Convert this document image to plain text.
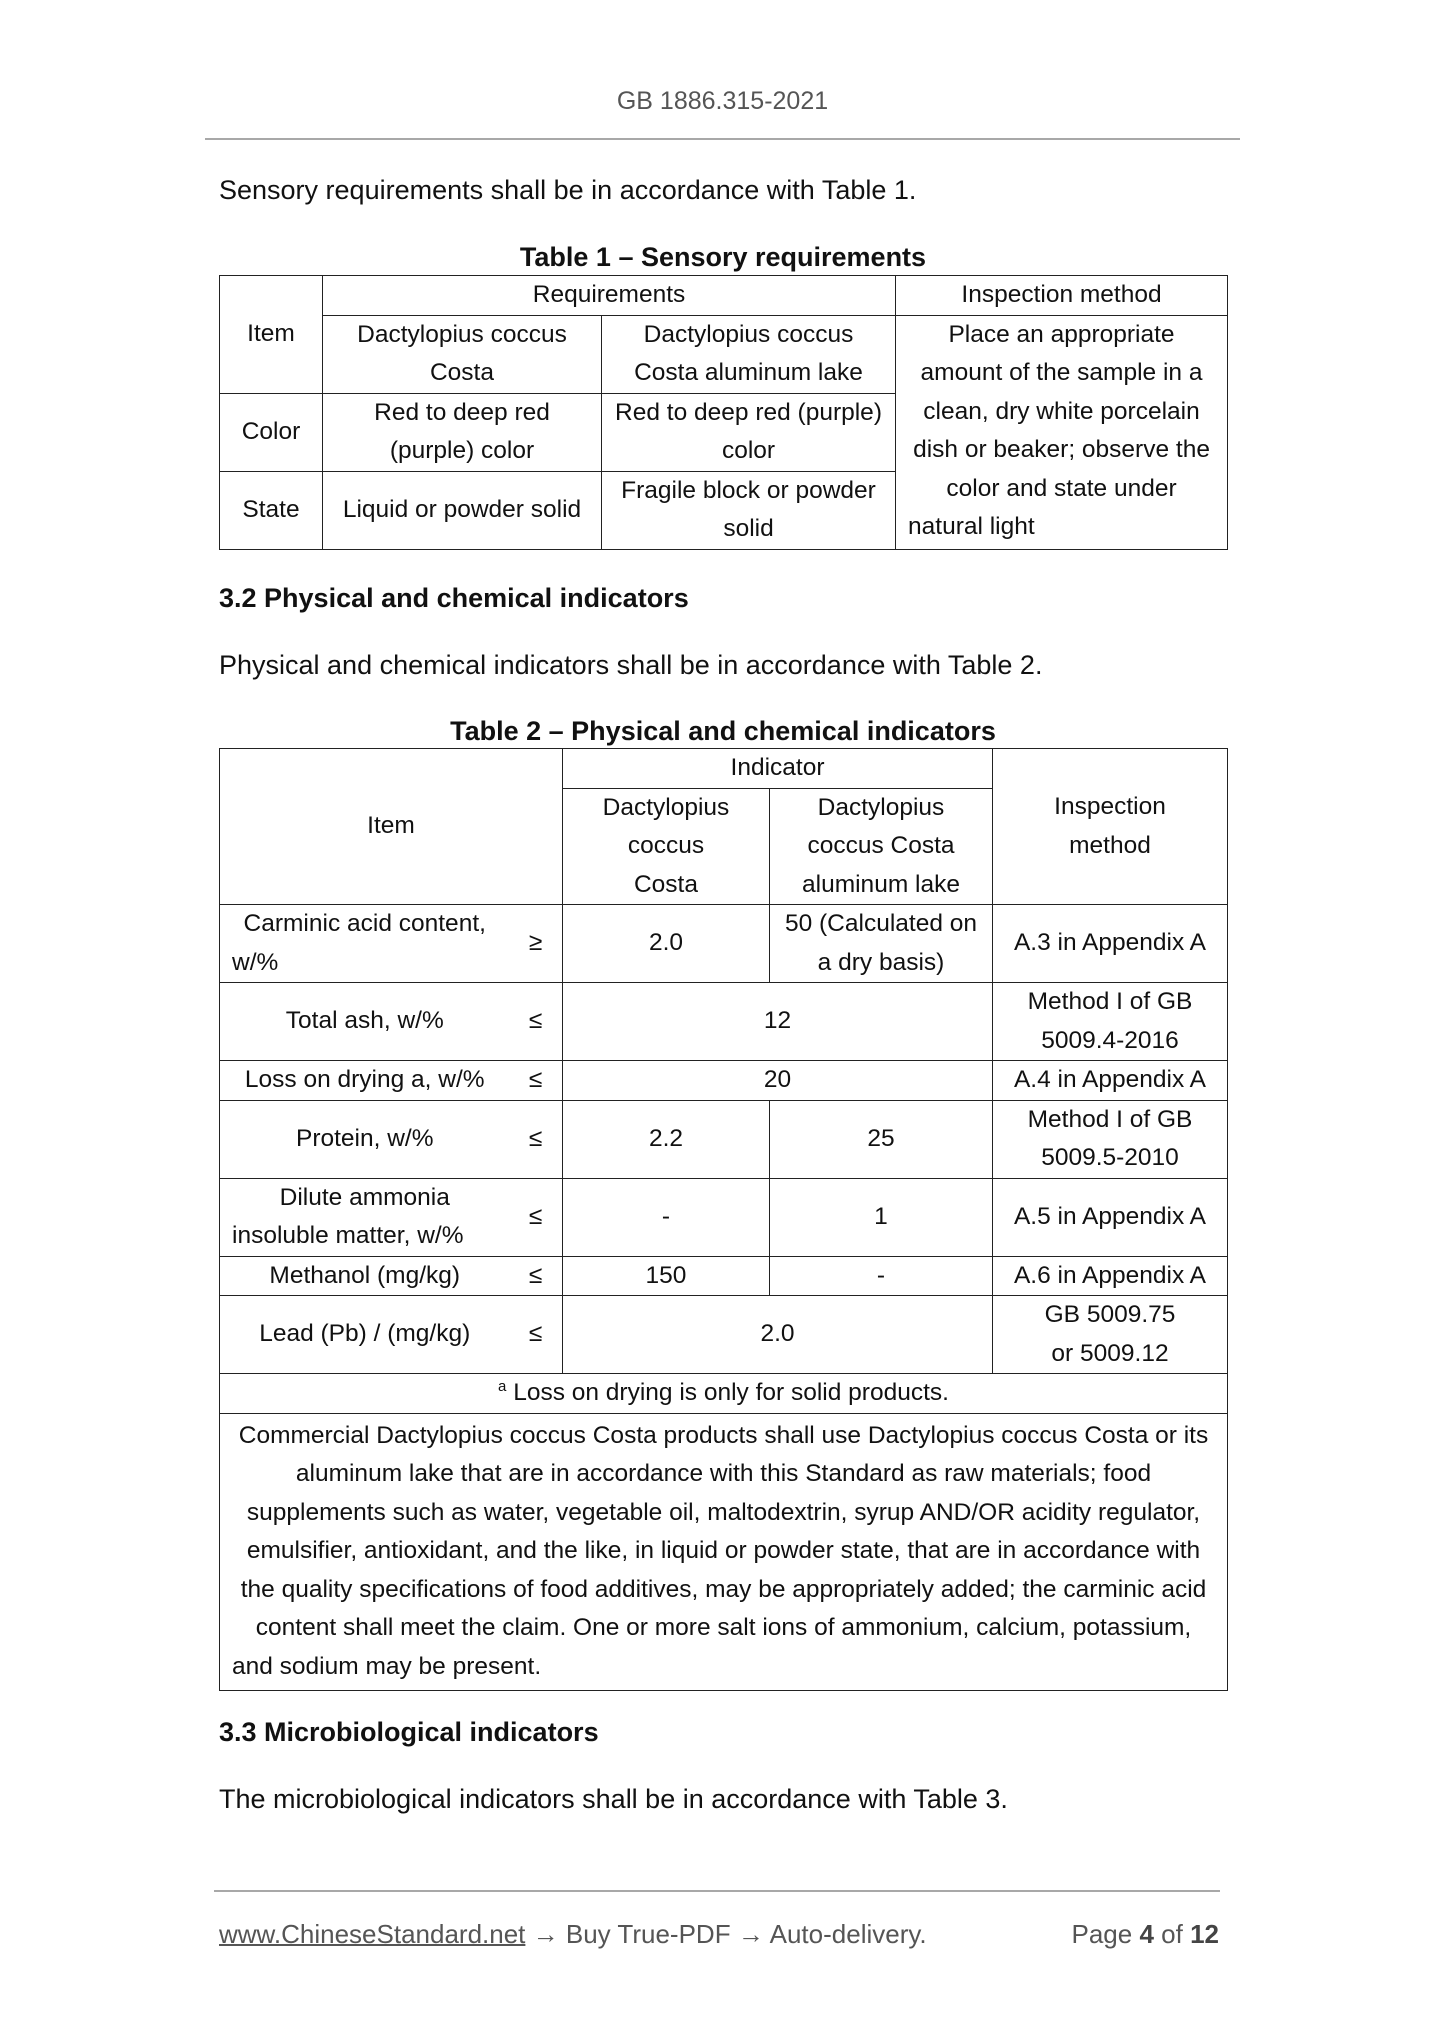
GB 1886.315-2021
Sensory requirements shall be in accordance with Table 1.
Table 1 – Sensory requirements
Item	Requirements		Inspection method
	Dactylopius coccus Costa	Dactylopius coccus Costa aluminum lake	Place an appropriate amount of the sample in a clean, dry white porcelain dish or beaker; observe the color and state under natural light
Color	Red to deep red (purple) color	Red to deep red (purple) color	
State	Liquid or powder solid	Fragile block or powder solid	
3.2 Physical and chemical indicators
Physical and chemical indicators shall be in accordance with Table 2.
Table 2 – Physical and chemical indicators
Item		Indicator		Inspection method
		Dactylopius coccus Costa	Dactylopius coccus Costa aluminum lake	
Carminic acid content, w/%	≥	2.0	50 (Calculated on a dry basis)	A.3 in Appendix A
Total ash, w/%	≤	12		Method I of GB 5009.4-2016
Loss on drying a, w/%	≤	20		A.4 in Appendix A
Protein, w/%	≤	2.2	25	Method I of GB 5009.5-2010
Dilute ammonia insoluble matter, w/%	≤	-	1	A.5 in Appendix A
Methanol (mg/kg)	≤	150	-	A.6 in Appendix A
Lead (Pb) / (mg/kg)	≤	2.0		GB 5009.75 or 5009.12
$^a$ Loss on drying is only for solid products.				
Commercial Dactylopius coccus Costa products shall use Dactylopius coccus Costa or its aluminum lake that are in accordance with this Standard as raw materials; food supplements such as water, vegetable oil, maltodextrin, syrup AND/OR acidity regulator, emulsifier, antioxidant, and the like, in liquid or powder state, that are in accordance with the quality specifications of food additives, may be appropriately added; the carminic acid content shall meet the claim. One or more salt ions of ammonium, calcium, potassium, and sodium may be present.				
3.3 Microbiological indicators
The microbiological indicators shall be in accordance with Table 3.
www.ChineseStandard.net → Buy True-PDF → Auto-delivery.	Page 4 of 12
